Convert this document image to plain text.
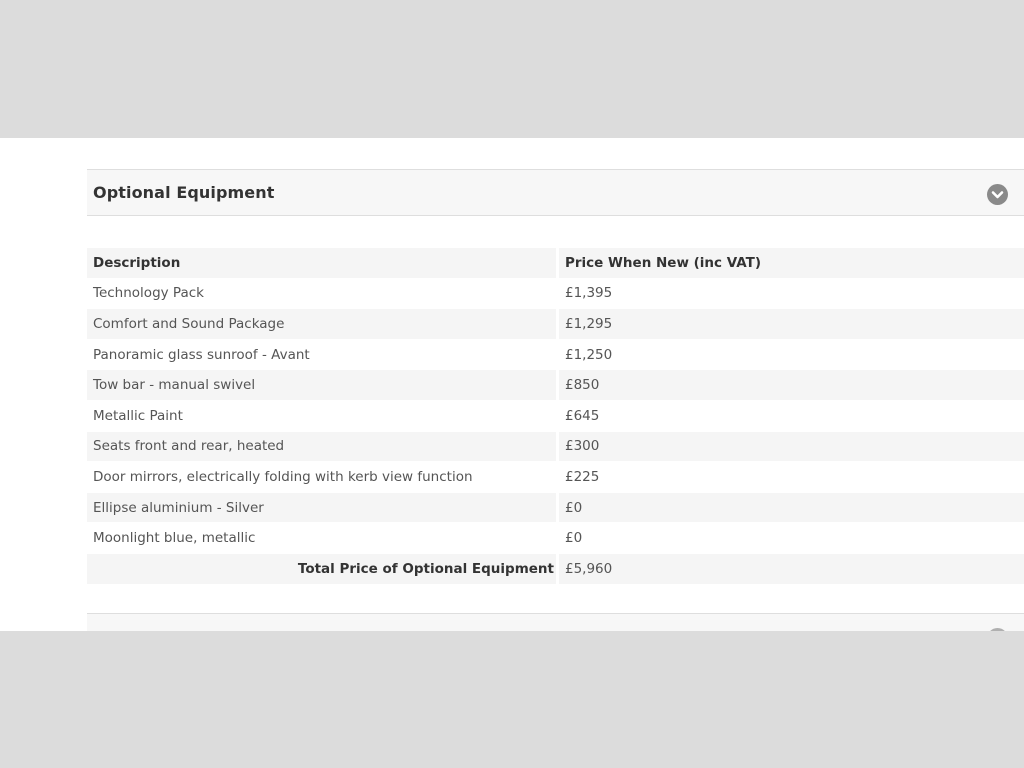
Optional Equipment
Description		Price When New (inc VAT)
Technology Pack		£1,395
Comfort and Sound Package		£1,295
Panoramic glass sunroof - Avant		£1,250
Tow bar - manual swivel		£850
Metallic Paint		£645
Seats front and rear, heated		£300
Door mirrors, electrically folding with kerb view function		£225
Ellipse aluminium - Silver		£0
Moonlight blue, metallic		£0
Total Price of Optional Equipment		£5,960
